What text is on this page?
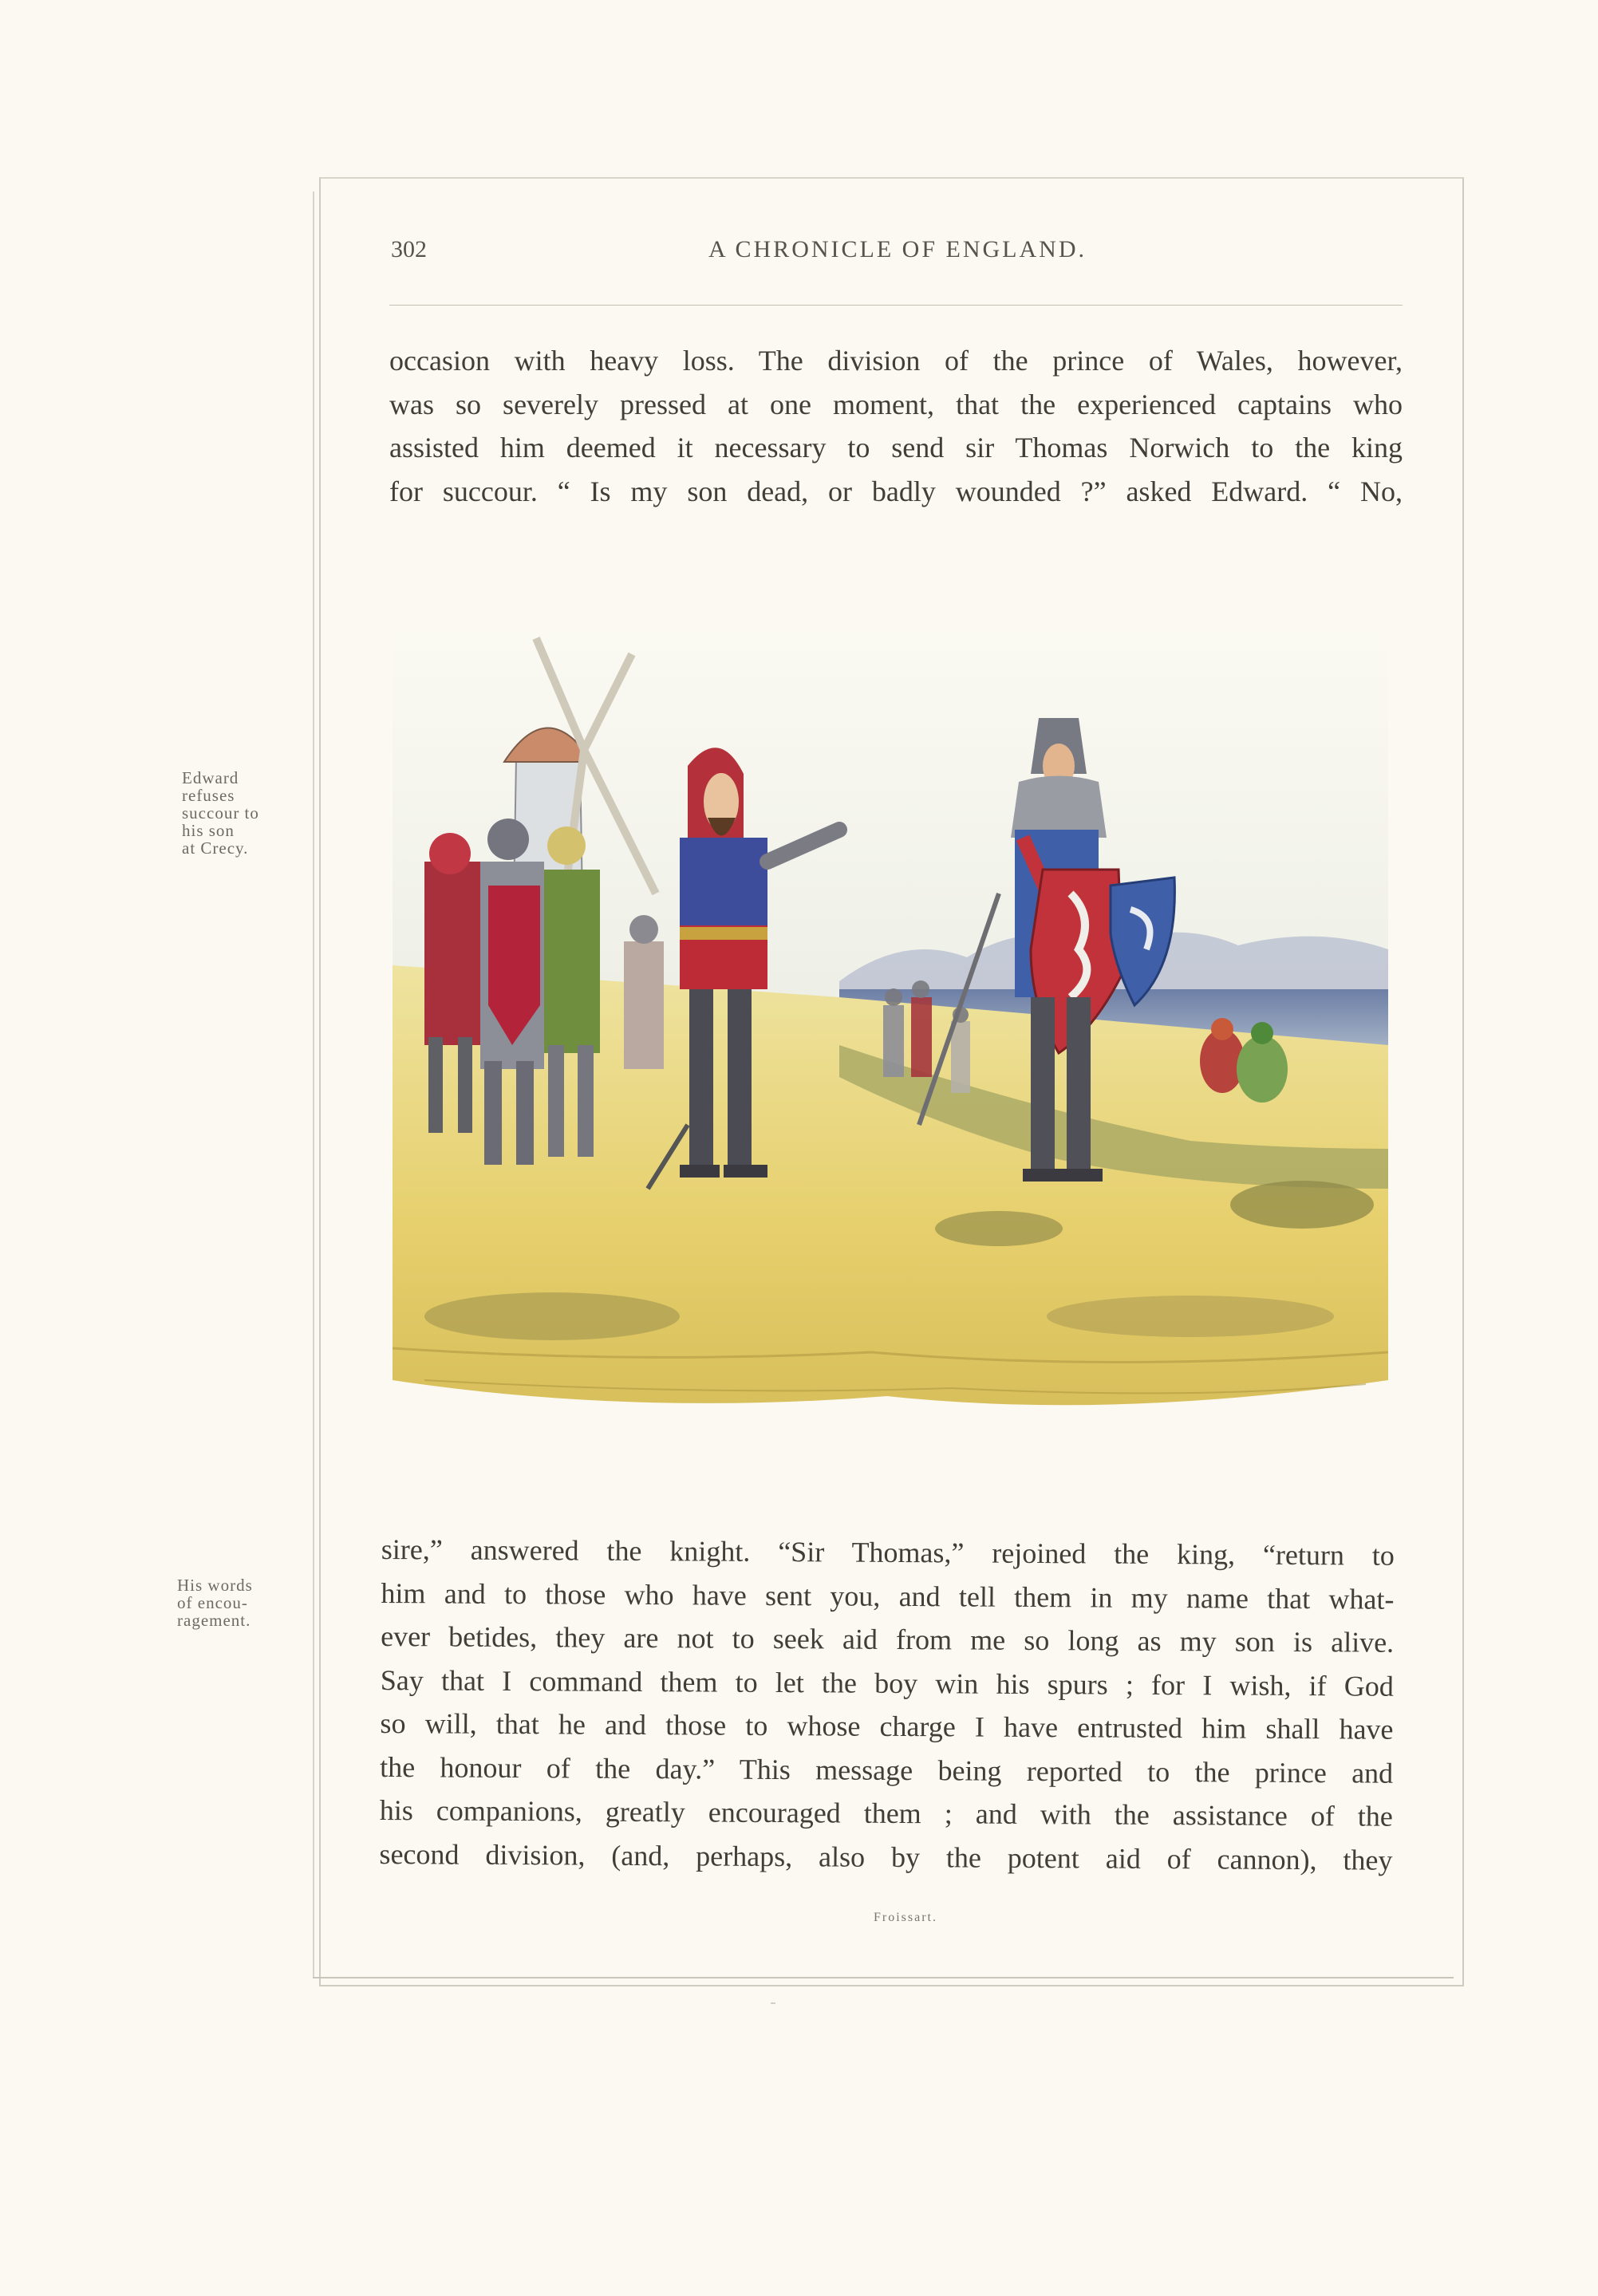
302	A CHRONICLE OF ENGLAND.
occasion with heavy loss. The division of the prince of Wales, however,
was so severely pressed at one moment, that the experienced captains who
assisted him deemed it necessary to send sir Thomas Norwich to the king
for succour. “ Is my son dead, or badly wounded ?” asked Edward. “ No,
Edward
refuses
succour to
his son
at Crecy.
His words
of encou-
ragement.
sire,” answered the knight. “Sir Thomas,” rejoined the king, “return to
him and to those who have sent you, and tell them in my name that what-
ever betides, they are not to seek aid from me so long as my son is alive.
Say that I command them to let the boy win his spurs ; for I wish, if God
so will, that he and those to whose charge I have entrusted him shall have
the honour of the day.” This message being reported to the prince and
his companions, greatly encouraged them ; and with the assistance of the
second division, (and, perhaps, also by the potent aid of cannon), they
Froissart.
